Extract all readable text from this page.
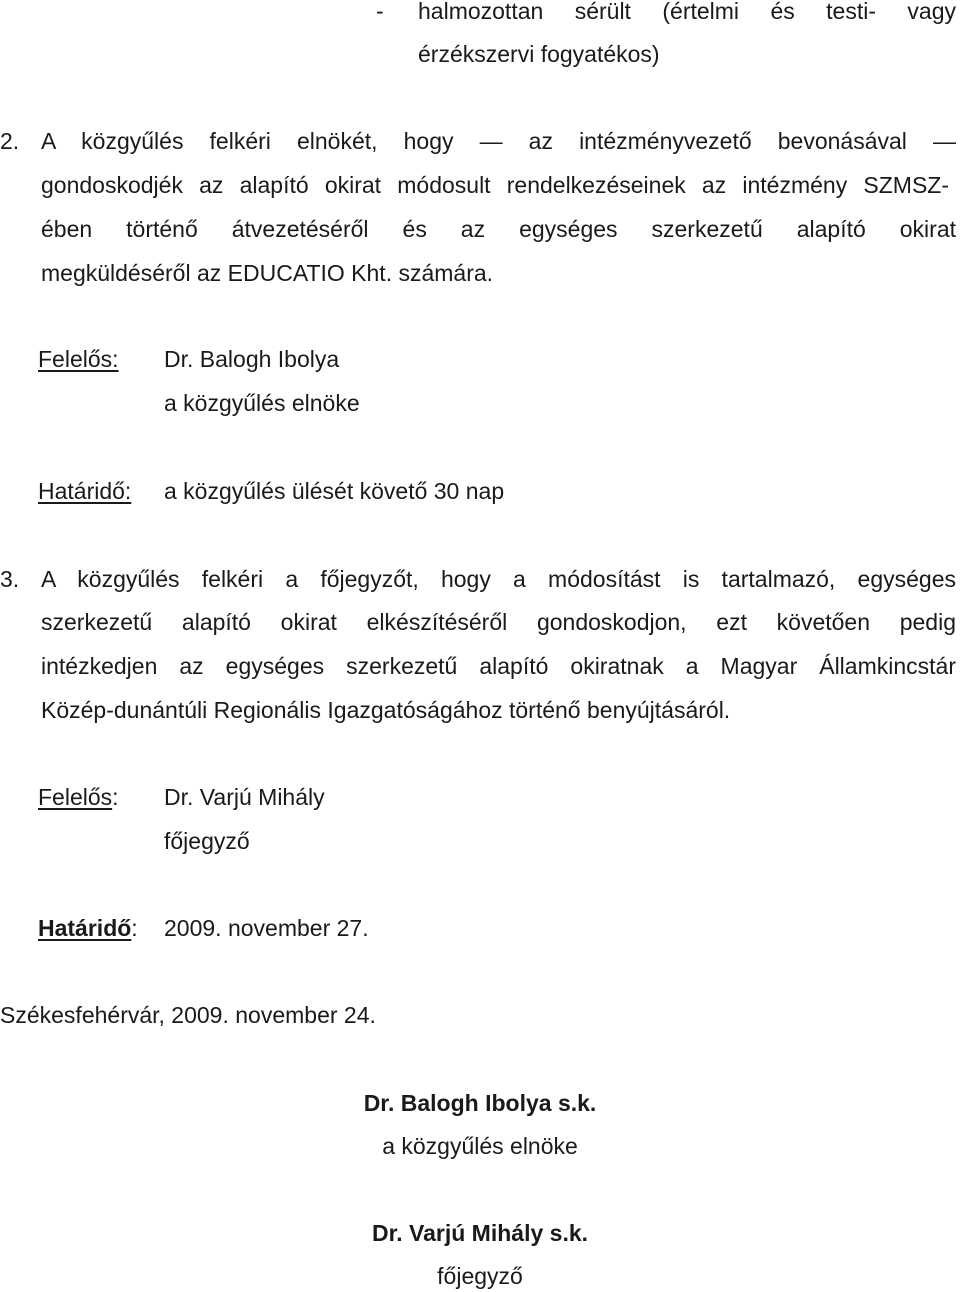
- halmozottan sérült (értelmi és testi- vagy
érzékszervi fogyatékos)
2. A közgyűlés felkéri elnökét, hogy — az intézményvezető bevonásával —
gondoskodjék az alapító okirat módosult rendelkezéseinek az intézmény SZMSZ-
ében történő átvezetéséről és az egységes szerkezetű alapító okirat
megküldéséről az EDUCATIO Kht. számára.
Felelős: Dr. Balogh Ibolya
a közgyűlés elnöke
Határidő: a közgyűlés ülését követő 30 nap
3. A közgyűlés felkéri a főjegyzőt, hogy a módosítást is tartalmazó, egységes
szerkezetű alapító okirat elkészítéséről gondoskodjon, ezt követően pedig
intézkedjen az egységes szerkezetű alapító okiratnak a Magyar Államkincstár
Közép-dunántúli Regionális Igazgatóságához történő benyújtásáról.
Felelős: Dr. Varjú Mihály
főjegyző
Határidő: 2009. november 27.
Székesfehérvár, 2009. november 24.
Dr. Balogh Ibolya s.k.
a közgyűlés elnöke
Dr. Varjú Mihály s.k.
főjegyző
